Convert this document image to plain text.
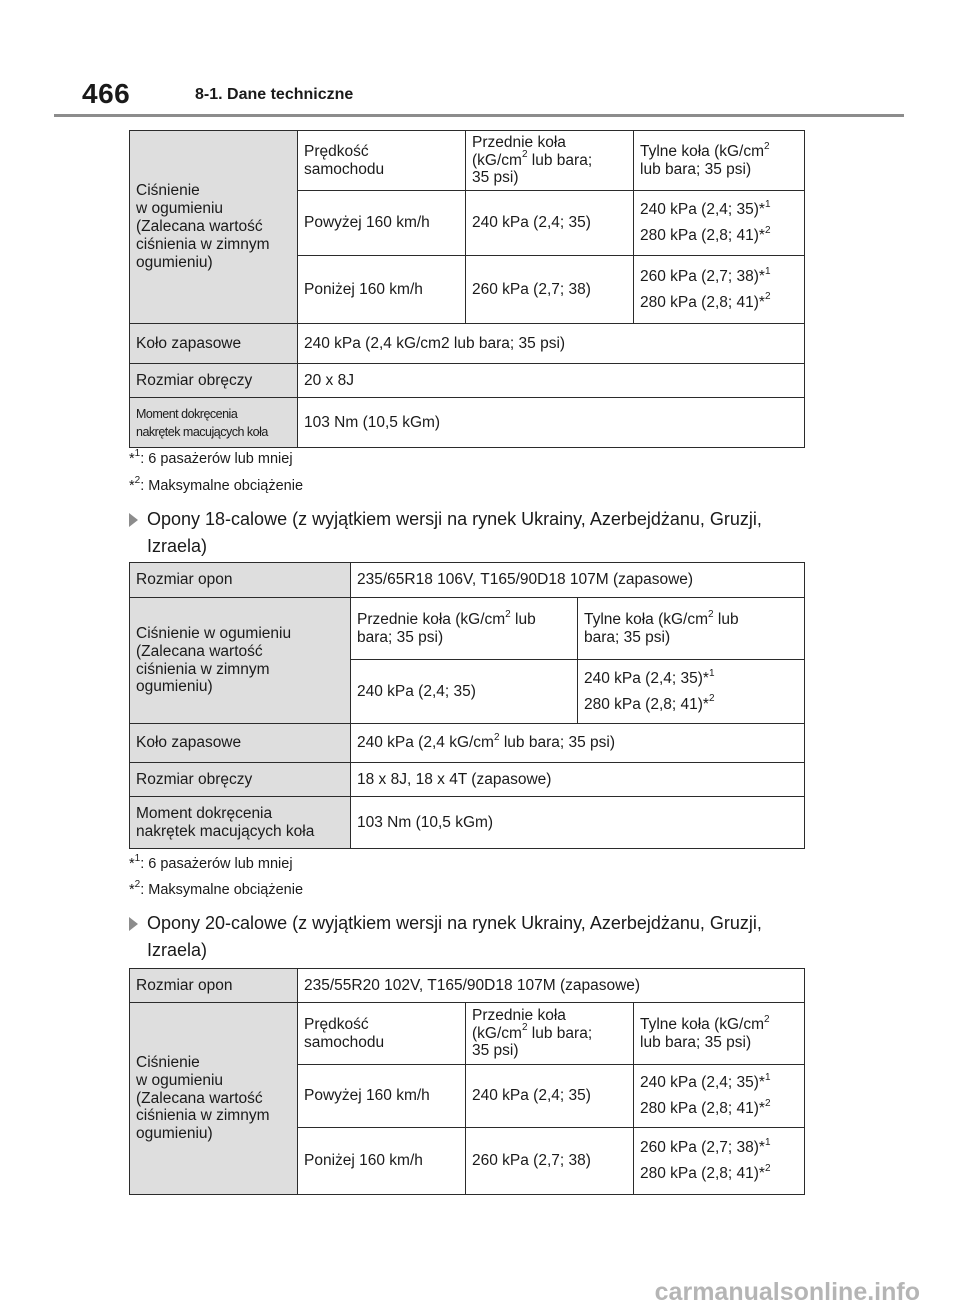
466	8-1. Dane techniczne
Ciśnienie
w ogumieniu
(Zalecana wartość
ciśnienia w zimnym
ogumieniu)	Prędkość
samochodu	Przednie koła
($kG/cm^2$ lub bara;
35 psi)	Tylne koła ($kG/cm^2$
lub bara; 35 psi)
	Powyżej 160 km/h	240 kPa (2,4; 35)	240 kPa (2,4; 35)*$^1$
280 kPa (2,8; 41)*$^2$

	Poniżej 160 km/h	260 kPa (2,7; 38)	260 kPa (2,7; 38)*$^1$
280 kPa (2,8; 41)*$^2$

Koło zapasowe	240 kPa (2,4 kG/cm2 lub bara; 35 psi)		
Rozmiar obręczy	20 x 8J		
Moment dokręcenia
nakrętek macujących koła	103 Nm (10,5 kGm)		
*$^1$: 6 pasażerów lub mniej
*$^2$: Maksymalne obciążenie
Opony 18-calowe (z wyjątkiem wersji na rynek Ukrainy, Azerbejdżanu, Gruzji, Izraela)
Rozmiar opon	235/65R18 106V, T165/90D18 107M (zapasowe)	
Ciśnienie w ogumieniu
(Zalecana wartość
ciśnienia w zimnym
ogumieniu)	Przednie koła ($kG/cm^2$ lub
bara; 35 psi)	Tylne koła ($kG/cm^2$ lub
bara; 35 psi)
	240 kPa (2,4; 35)	240 kPa (2,4; 35)*$^1$
280 kPa (2,8; 41)*$^2$

Koło zapasowe	240 kPa (2,4 $kG/cm^2$ lub bara; 35 psi)	
Rozmiar obręczy	18 x 8J, 18 x 4T (zapasowe)	
Moment dokręcenia
nakrętek macujących koła	103 Nm (10,5 kGm)	
*$^1$: 6 pasażerów lub mniej
*$^2$: Maksymalne obciążenie
Opony 20-calowe (z wyjątkiem wersji na rynek Ukrainy, Azerbejdżanu, Gruzji, Izraela)
Rozmiar opon	235/55R20 102V, T165/90D18 107M (zapasowe)		
Ciśnienie
w ogumieniu
(Zalecana wartość
ciśnienia w zimnym
ogumieniu)	Prędkość
samochodu	Przednie koła
($kG/cm^2$ lub bara;
35 psi)	Tylne koła ($kG/cm^2$
lub bara; 35 psi)
	Powyżej 160 km/h	240 kPa (2,4; 35)	240 kPa (2,4; 35)*$^1$
280 kPa (2,8; 41)*$^2$

	Poniżej 160 km/h	260 kPa (2,7; 38)	260 kPa (2,7; 38)*$^1$
280 kPa (2,8; 41)*$^2$
carmanualsonline.info
